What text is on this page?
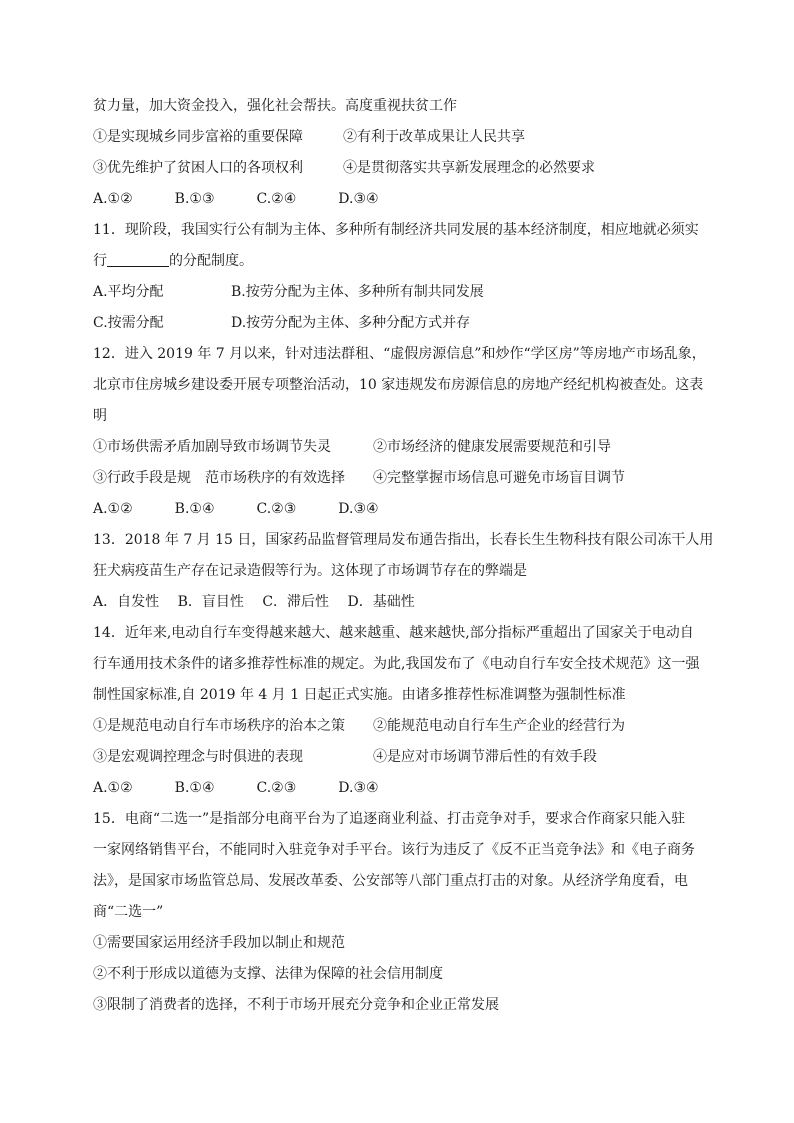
贫力量，加大资金投入，强化社会帮扶。高度重视扶贫工作
①是实现城乡同步富裕的重要保障	②有利于改革成果让人民共享
③优先维护了贫困人口的各项权利	④是贯彻落实共享新发展理念的必然要求
A.①②	B.①③	C.②④	D.③④
11．现阶段，我国实行公有制为主体、多种所有制经济共同发展的基本经济制度，相应地就必须实
行	的分配制度。
A.平均分配	B.按劳分配为主体、多种所有制共同发展
C.按需分配	D.按劳分配为主体、多种分配方式并存
12．进入 2019 年 7 月以来，针对违法群租、“虚假房源信息”和炒作“学区房”等房地产市场乱象，
北京市住房城乡建设委开展专项整治活动，10 家违规发布房源信息的房地产经纪机构被查处。这表
明
①市场供需矛盾加剧导致市场调节失灵	②市场经济的健康发展需要规范和引导
③行政手段是规　范市场秩序的有效选择	④完整掌握市场信息可避免市场盲目调节
A.①②	B.①④	C.②③	D.③④
13．2018 年 7 月 15 日，国家药品监督管理局发布通告指出，长春长生生物科技有限公司冻干人用
狂犬病疫苗生产存在记录造假等行为。这体现了市场调节存在的弊端是
A．自发性 B．盲目性 C．滞后性 D．基础性
14．近年来,电动自行车变得越来越大、越来越重、越来越快,部分指标严重超出了国家关于电动自
行车通用技术条件的诸多推荐性标准的规定。为此,我国发布了《电动自行车安全技术规范》这一强
制性国家标准,自 2019 年 4 月 1 日起正式实施。由诸多推荐性标准调整为强制性标准
①是规范电动自行车市场秩序的治本之策	②能规范电动自行车生产企业的经营行为
③是宏观调控理念与时俱进的表现	④是应对市场调节滞后性的有效手段
A.①②	B.①④	C.②③	D.③④
15．电商“二选一”是指部分电商平台为了追逐商业利益、打击竞争对手，要求合作商家只能入驻
一家网络销售平台，不能同时入驻竞争对手平台。该行为违反了《反不正当竞争法》和《电子商务
法》，是国家市场监管总局、发展改革委、公安部等八部门重点打击的对象。从经济学角度看，电
商“二选一”
①需要国家运用经济手段加以制止和规范
②不利于形成以道德为支撑、法律为保障的社会信用制度
③限制了消费者的选择，不利于市场开展充分竞争和企业正常发展
